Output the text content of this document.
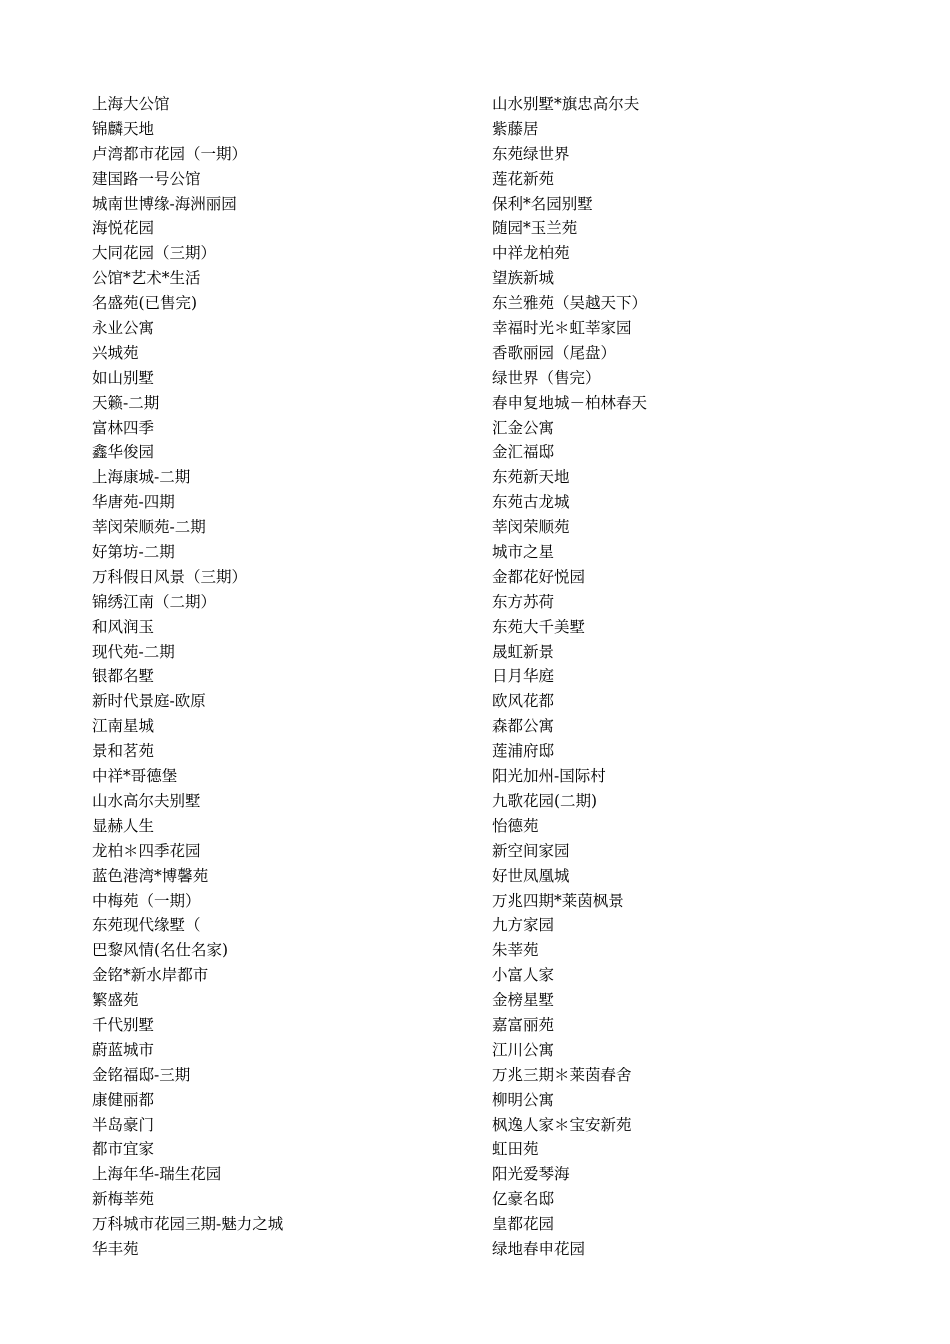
上海大公馆
锦麟天地
卢湾都市花园（一期）
建国路一号公馆
城南世博缘-海洲丽园
海悦花园
大同花园（三期）
公馆*艺术*生活
名盛苑(已售完)
永业公寓
兴城苑
如山别墅
天籁-二期
富林四季
鑫华俊园
上海康城-二期
华唐苑-四期
莘闵荣顺苑-二期
好第坊-二期
万科假日风景（三期）
锦绣江南（二期）
和风润玉
现代苑-二期
银都名墅
新时代景庭-欧原
江南星城
景和茗苑
中祥*哥德堡
山水高尔夫别墅
显赫人生
龙柏＊四季花园
蓝色港湾*博馨苑
中梅苑（一期）
东苑现代缘墅（
巴黎风情(名仕名家)
金铭*新水岸都市
繁盛苑
千代别墅
蔚蓝城市
金铭福邸-三期
康健丽都
半岛豪门
都市宜家
上海年华-瑞生花园
新梅莘苑
万科城市花园三期-魅力之城
华丰苑
山水别墅*旗忠高尔夫
紫藤居
东苑绿世界
莲花新苑
保利*名园别墅
随园*玉兰苑
中祥龙柏苑
望族新城
东兰雅苑（吴越天下）
幸福时光＊虹莘家园
香歌丽园（尾盘）
绿世界（售完）
春申复地城－柏林春天
汇金公寓
金汇福邸
东苑新天地
东苑古龙城
莘闵荣顺苑
城市之星
金都花好悦园
东方苏荷
东苑大千美墅
晟虹新景
日月华庭
欧风花都
森都公寓
莲浦府邸
阳光加州-国际村
九歌花园(二期)
怡德苑
新空间家园
好世凤凰城
万兆四期*莱茵枫景
九方家园
朱莘苑
小富人家
金榜星墅
嘉富丽苑
江川公寓
万兆三期＊莱茵春舍
柳明公寓
枫逸人家＊宝安新苑
虹田苑
阳光爱琴海
亿豪名邸
皇都花园
绿地春申花园
